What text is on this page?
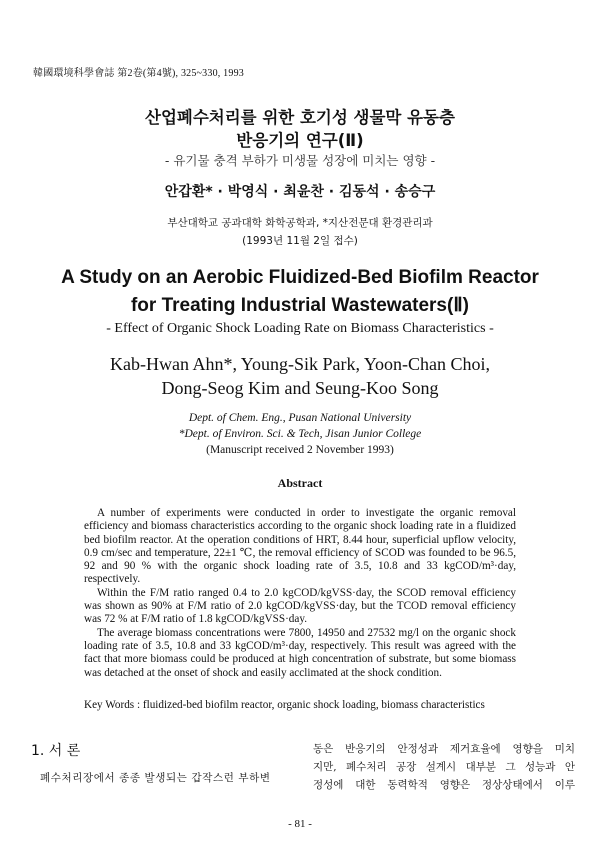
韓國環境科學會誌 第2卷(第4號), 325~330, 1993
산업폐수처리를 위한 호기성 생물막 유동층
반응기의 연구(Ⅱ)
- 유기물 충격 부하가 미생물 성장에 미치는 영향 -
안갑환* · 박영식 · 최윤찬 · 김동석 · 송승구
부산대학교 공과대학 화학공학과, *지산전문대 환경관리과
(1993년 11월 2일 접수)
A Study on an Aerobic Fluidized-Bed Biofilm Reactor
for Treating Industrial Wastewaters(Ⅱ)
- Effect of Organic Shock Loading Rate on Biomass Characteristics -
Kab-Hwan Ahn*, Young-Sik Park, Yoon-Chan Choi,
Dong-Seog Kim and Seung-Koo Song
Dept. of Chem. Eng., Pusan National University
*Dept. of Environ. Sci. & Tech, Jisan Junior College
(Manuscript received 2 November 1993)
Abstract

A number of experiments were conducted in order to investigate the organic removal efficiency and biomass characteristics according to the organic shock loading rate in a fluidized bed biofilm reactor. At the operation conditions of HRT, 8.44 hour, superficial upflow velocity, 0.9 cm/sec and temperature, 22±1 ℃, the removal efficiency of SCOD was founded to be 96.5, 92 and 90 % with the organic shock loading rate of 3.5, 10.8 and 33 kgCOD/m³·day, respectively.

Within the F/M ratio ranged 0.4 to 2.0 kgCOD/kgVSS·day, the SCOD removal efficiency was shown as 90% at F/M ratio of 2.0 kgCOD/kgVSS·day, but the TCOD removal efficiency was 72 % at F/M ratio of 1.8 kgCOD/kgVSS·day.

The average biomass concentrations were 7800, 14950 and 27532 mg/l on the organic shock loading rate of 3.5, 10.8 and 33 kgCOD/m³·day, respectively. This result was agreed with the fact that more biomass could be produced at high concentration of substrate, but some biomass was detached at the onset of shock and easily acclimated at the shock condition.

Key Words : fluidized-bed biofilm reactor, organic shock loading, biomass characteristics
1. 서 론
폐수처리장에서 종종 발생되는 갑작스런 부하변
동은 반응기의 안정성과 제거효율에 영향을 미치
지만, 폐수처리 공장 설계시 대부분 그 성능과 안
정성에 대한 동력학적 영향은 정상상태에서 이루
- 81 -
